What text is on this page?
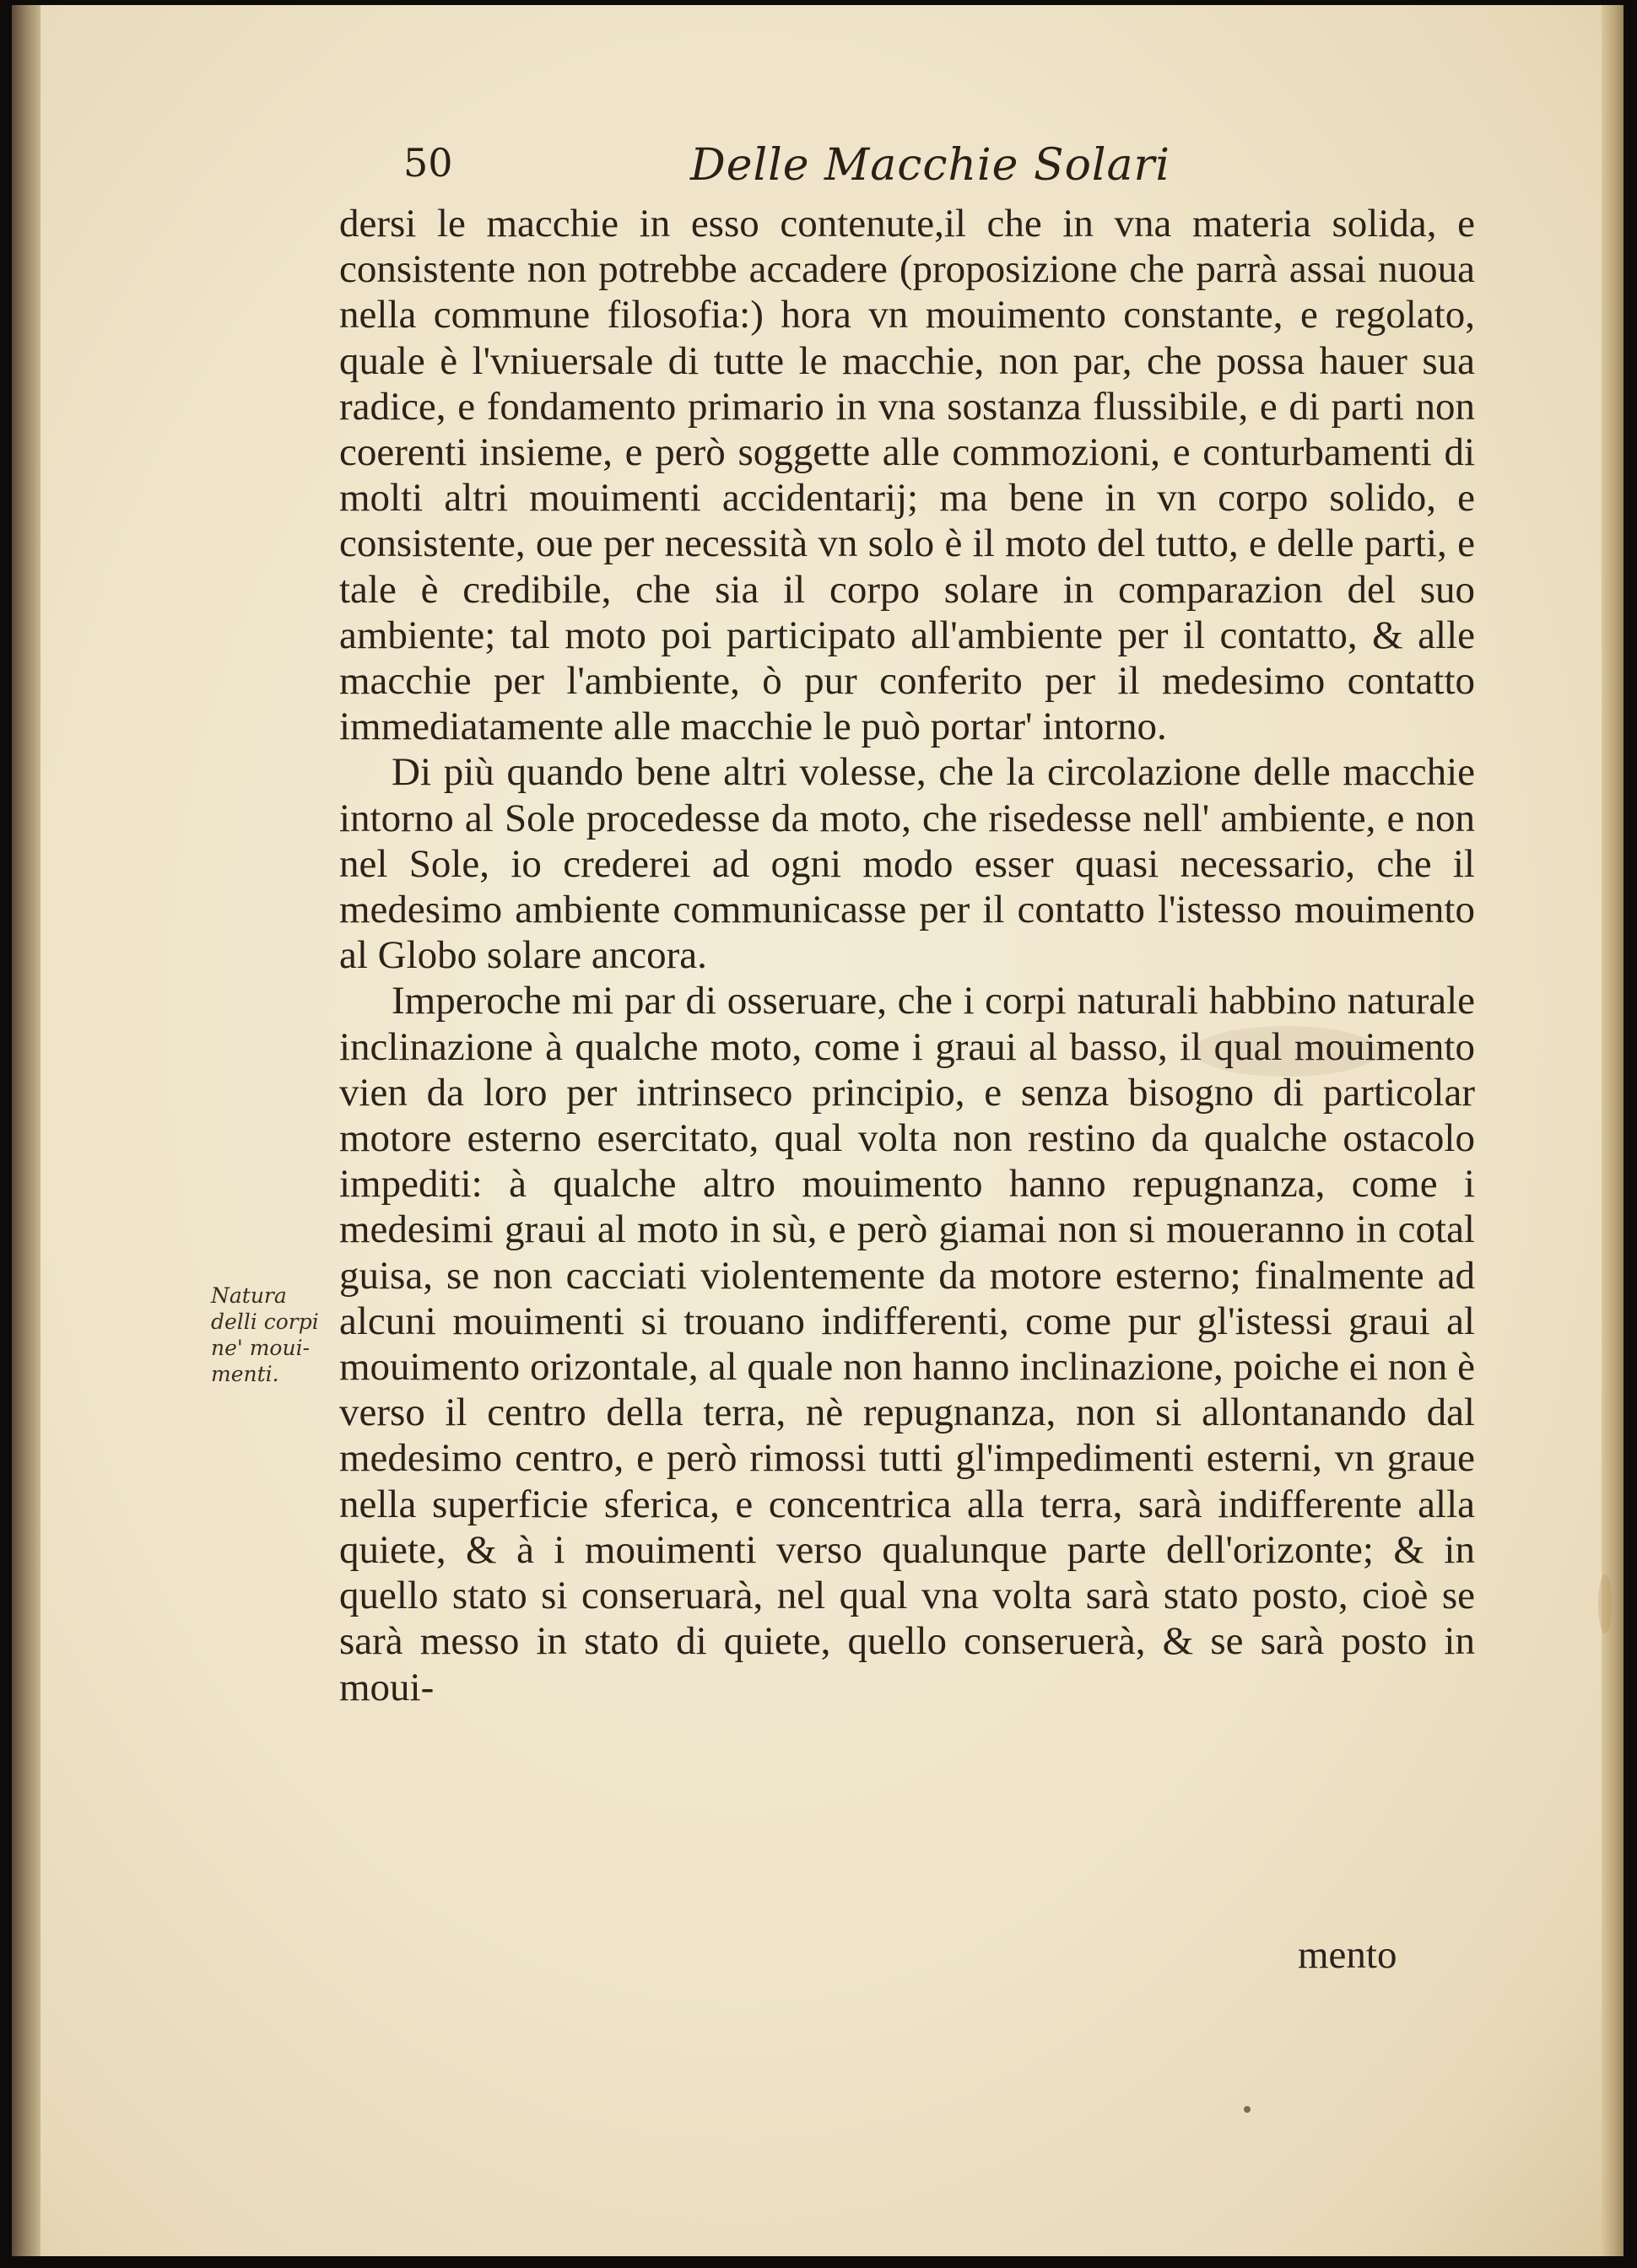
50	Delle Macchie Solari

dersi le macchie in esso contenute,il che in vna materia solida, e consistente non potrebbe accadere (proposizione che parrà assai nuoua nella commune filosofia:) hora vn mouimento constante, e regolato, quale è l'vniuersale di tutte le macchie, non par, che possa hauer sua radice, e fondamento primario in vna sostanza flussibile, e di parti non coerenti insieme, e però soggette alle commozioni, e conturbamenti di molti altri mouimenti accidentarij; ma bene in vn corpo solido, e consistente, oue per necessità vn solo è il moto del tutto, e delle parti, e tale è credibile, che sia il corpo solare in comparazion del suo ambiente; tal moto poi participato all'ambiente per il contatto, & alle macchie per l'ambiente, ò pur conferito per il medesimo contatto immediatamente alle macchie le può portar' intorno.

Di più quando bene altri volesse, che la circolazione delle macchie intorno al Sole procedesse da moto, che risedesse nell' ambiente, e non nel Sole, io crederei ad ogni modo esser quasi necessario, che il medesimo ambiente communicasse per il contatto l'istesso mouimento al Globo solare ancora.

Imperoche mi par di osseruare, che i corpi naturali habbino naturale inclinazione à qualche moto, come i graui al basso, il qual mouimento vien da loro per intrinseco principio, e senza bisogno di particolar motore esterno esercitato, qual volta non restino da qualche ostacolo impediti: à qualche altro mouimento hanno repugnanza, come i medesimi graui al moto in sù, e però giamai non si moueranno in cotal guisa, se non cacciati violentemente da motore esterno; finalmente ad alcuni mouimenti si trouano indifferenti, come pur gl'istessi graui al mouimento orizontale, al quale non hanno inclinazione, poiche ei non è verso il centro della terra, nè repugnanza, non si allontanando dal medesimo centro, e però rimossi tutti gl'impedimenti esterni, vn graue nella superficie sferica, e concentrica alla terra, sarà indifferente alla quiete, & à i mouimenti verso qualunque parte dell'orizonte; & in quello stato si conseruarà, nel qual vna volta sarà stato posto, cioè se sarà messo in stato di quiete, quello conseruerà, & se sarà posto in moui-

Natura
delli corpi
ne' moui-
menti.
mento
